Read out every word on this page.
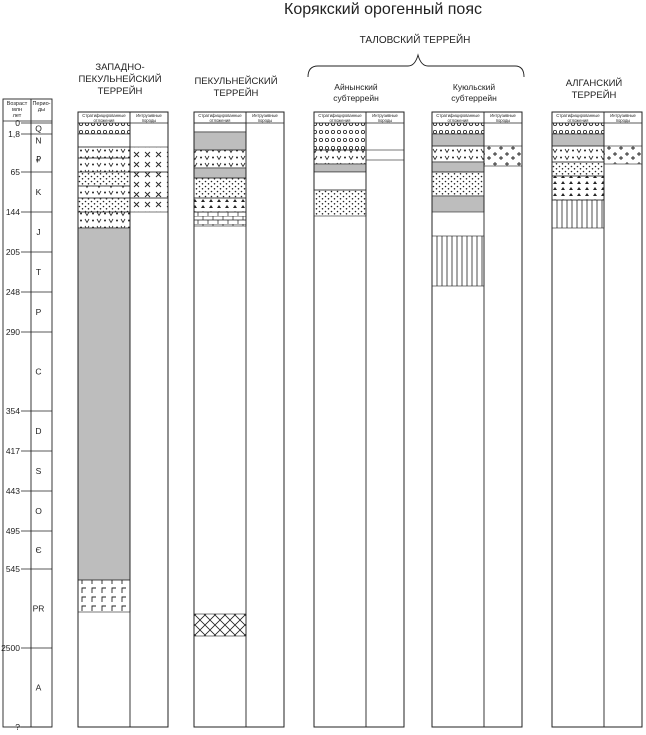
Корякский орогенный пояс
Возраст
млн
лет
Перио-
ды
0
1,8
65
144
205
248
290
354
417
443
495
545
2500
?
Q
N
₽
K
J
T
P
C
D
S
O
Є
PR
A
ТАЛОВСКИЙ ТЕРРЕЙН
ЗАПАДНО-
ПЕКУЛЬНЕЙСКИЙ
ТЕРРЕЙН
Стратифицированные
отложения
Интрузивные
породы
ПЕКУЛЬНЕЙСКИЙ
ТЕРРЕЙН
Стратифицированные
отложения
Интрузивные
породы
Айнынский
субтеррейн
Стратифицированные
отложения
Интрузивные
породы
Куюльский
субтеррейн
Стратифицированные
отложения
Интрузивные
породы
АЛГАНСКИЙ
ТЕРРЕЙН
Стратифицированные
отложения
Интрузивные
породы
